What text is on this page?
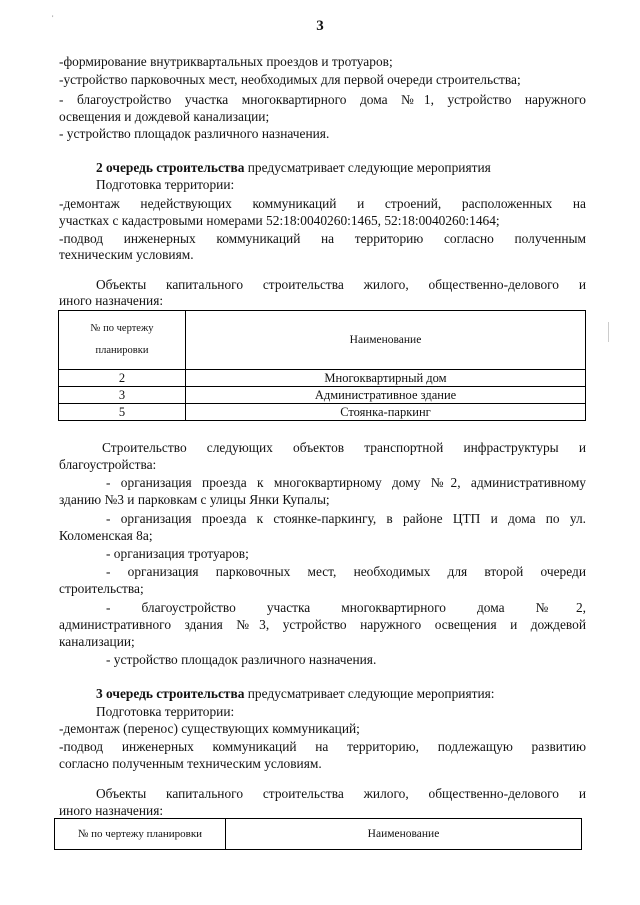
,
3
-формирование внутриквартальных проездов и тротуаров;
-устройство парковочных мест, необходимых для первой очереди строительства;
- благоустройство участка многоквартирного дома №1, устройство наружного
освещения и дождевой канализации;
- устройство площадок различного назначения.
2 очередь строительства предусматривает следующие мероприятия
Подготовка территории:
-демонтаж недействующих коммуникаций и строений, расположенных на
участках с кадастровыми номерами 52:18:0040260:1465, 52:18:0040260:1464;
-подвод инженерных коммуникаций на территорию согласно полученным
техническим условиям.
Объекты капитального строительства жилого, общественно-делового и
иного назначения:
№ по чертежу
планировки	Наименование
2	Многоквартирный дом
3	Административное здание
5	Стоянка-паркинг
Строительство следующих объектов транспортной инфраструктуры и
благоустройства:
- организация проезда к многоквартирному дому №2, административному
зданию №3 и парковкам с улицы Янки Купалы;
- организация проезда к стоянке-паркингу, в районе ЦТП и дома по ул.
Коломенская 8а;
- организация тротуаров;
- организация парковочных мест, необходимых для второй очереди
строительства;
- благоустройство участка многоквартирного дома №2,
административного здания №3, устройство наружного освещения и дождевой
канализации;
- устройство площадок различного назначения.
3 очередь строительства предусматривает следующие мероприятия:
Подготовка территории:
-демонтаж (перенос) существующих коммуникаций;
-подвод инженерных коммуникаций на территорию, подлежащую развитию
согласно полученным техническим условиям.
Объекты капитального строительства жилого, общественно-делового и
иного назначения:
№ по чертежу планировки	Наименование
